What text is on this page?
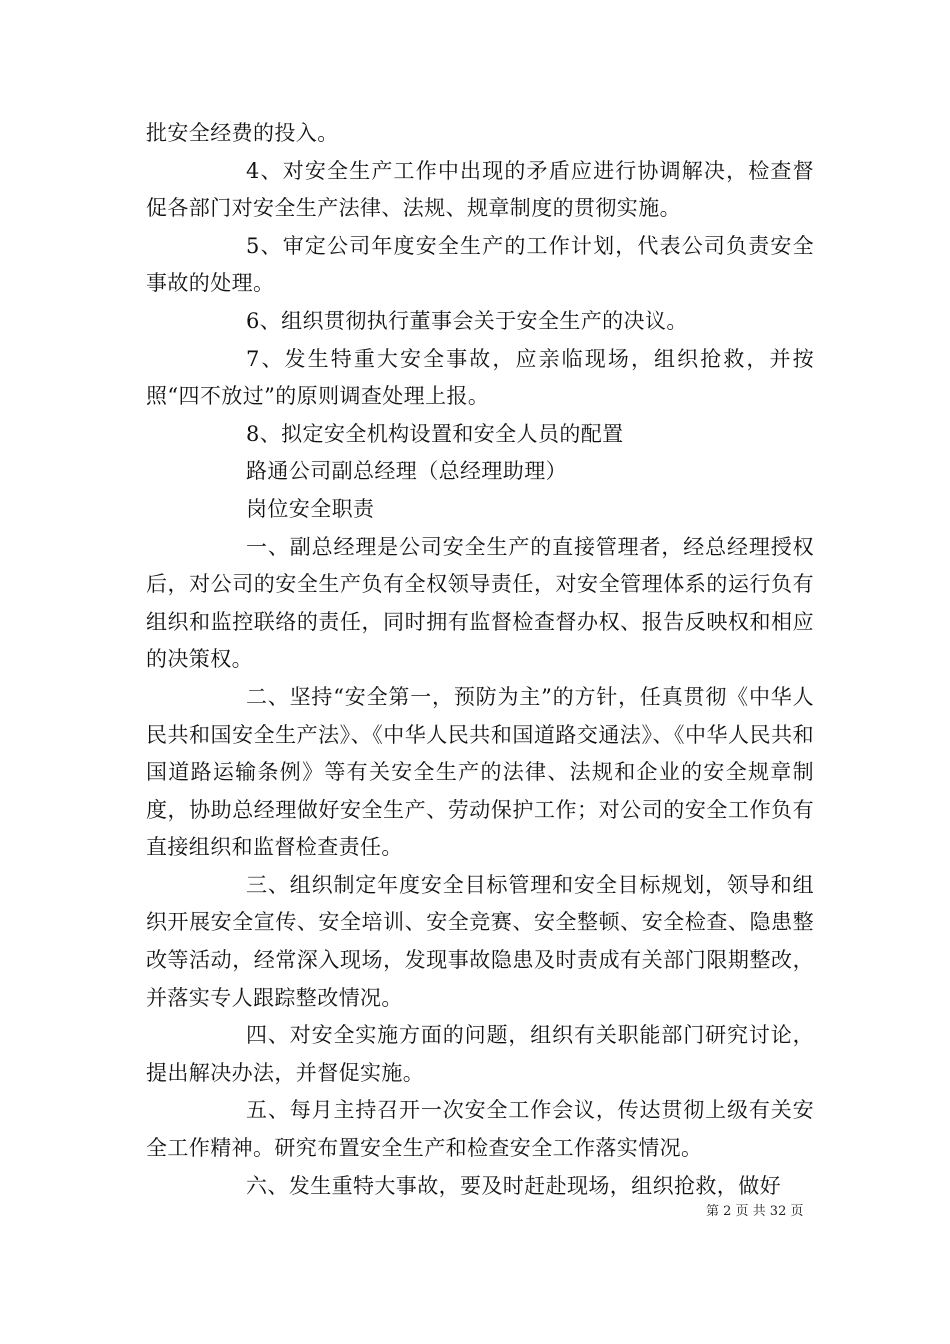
批安全经费的投入。

4、对安全生产工作中出现的矛盾应进行协调解决，检查督促各部门对安全生产法律、法规、规章制度的贯彻实施。

5、审定公司年度安全生产的工作计划，代表公司负责安全事故的处理。

6、组织贯彻执行董事会关于安全生产的决议。

7、发生特重大安全事故，应亲临现场，组织抢救，并按照“四不放过”的原则调查处理上报。

8、拟定安全机构设置和安全人员的配置

路通公司副总经理（总经理助理）

岗位安全职责

一、副总经理是公司安全生产的直接管理者，经总经理授权后，对公司的安全生产负有全权领导责任，对安全管理体系的运行负有组织和监控联络的责任，同时拥有监督检查督办权、报告反映权和相应的决策权。

二、坚持“安全第一，预防为主”的方针，任真贯彻《中华人民共和国安全生产法》、《中华人民共和国道路交通法》、《中华人民共和国道路运输条例》等有关安全生产的法律、法规和企业的安全规章制度，协助总经理做好安全生产、劳动保护工作；对公司的安全工作负有直接组织和监督检查责任。

三、组织制定年度安全目标管理和安全目标规划，领导和组织开展安全宣传、安全培训、安全竞赛、安全整顿、安全检查、隐患整改等活动，经常深入现场，发现事故隐患及时责成有关部门限期整改，并落实专人跟踪整改情况。

四、对安全实施方面的问题，组织有关职能部门研究讨论，提出解决办法，并督促实施。

五、每月主持召开一次安全工作会议，传达贯彻上级有关安全工作精神。研究布置安全生产和检查安全工作落实情况。

六、发生重特大事故，要及时赶赴现场，组织抢救，做好

第 2 页 共 32 页
